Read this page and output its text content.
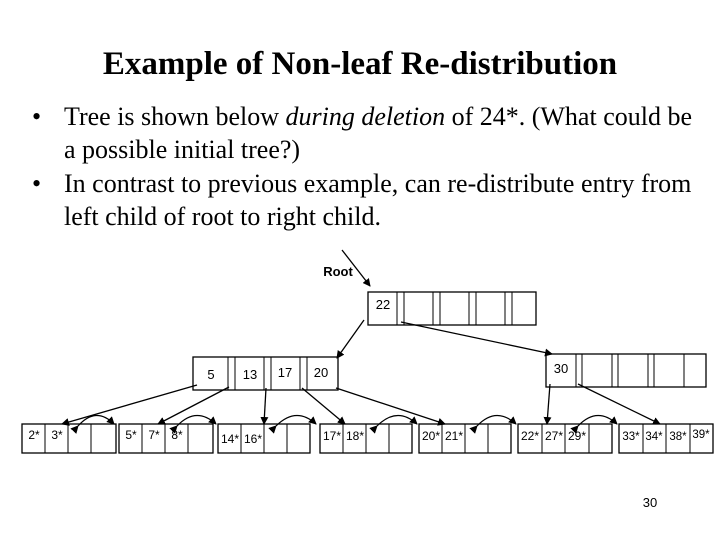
Example of Non-leaf Re-distribution
• Tree is shown below during deletion of 24*. (What could be a possible initial tree?)
• In contrast to previous example, can re-distribute entry from left child of root to right child.
Root
22
5 13 17 20	30
2* 3*	5* 7* 8*	14* 16*	17* 18*	20* 21*	22* 27* 29*	33* 34* 38* 39*
30
